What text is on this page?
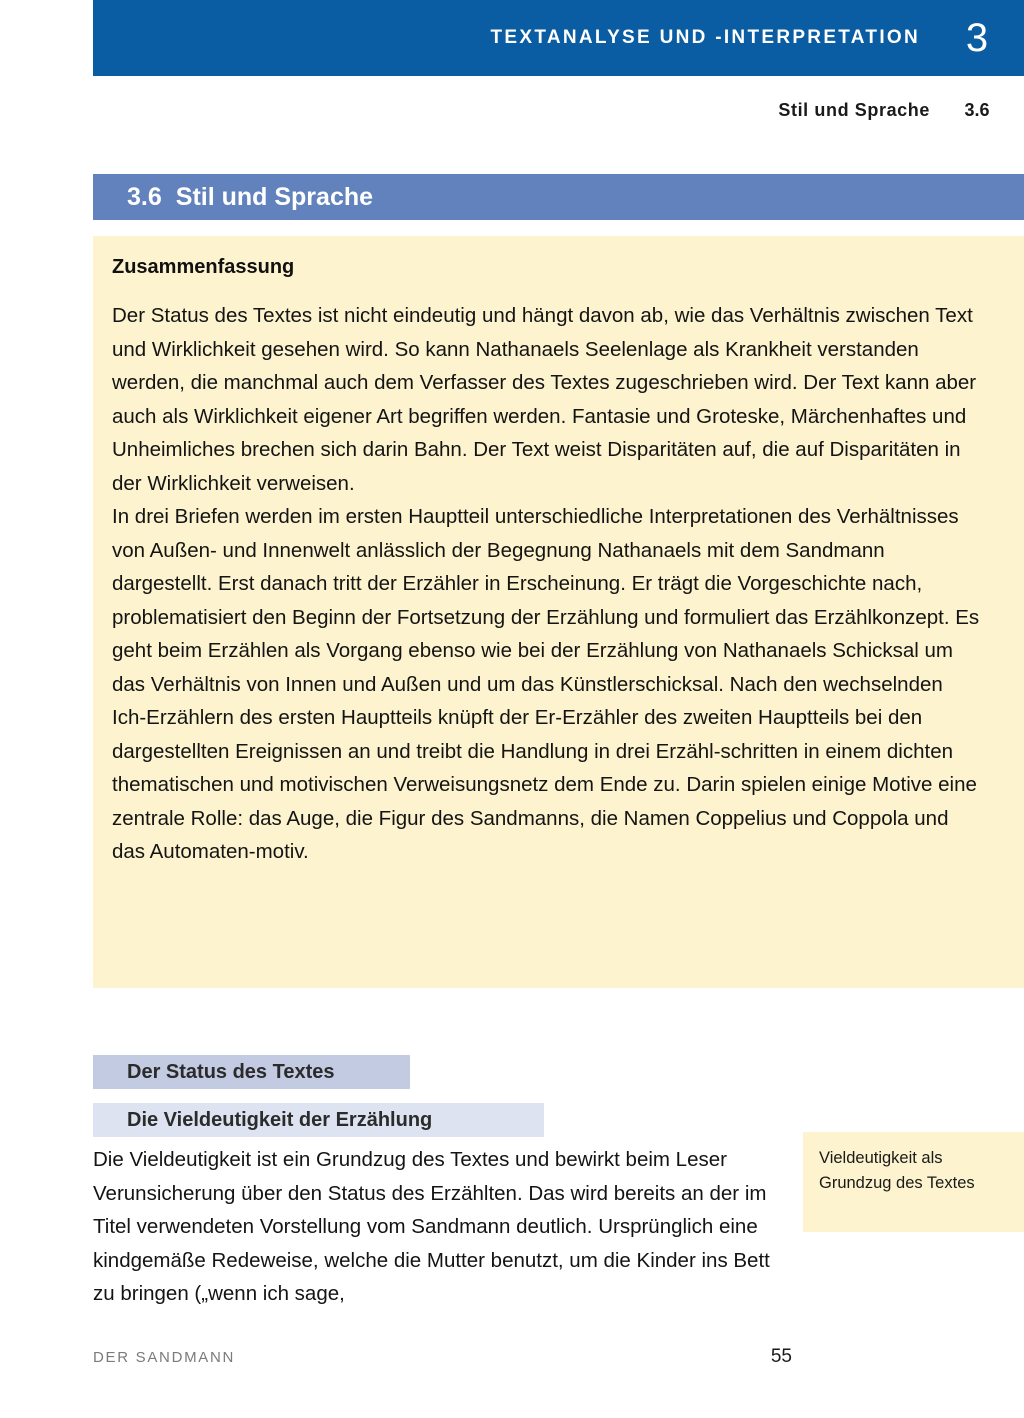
TEXTANALYSE UND -INTERPRETATION	3
Stil und Sprache	3.6
3.6 Stil und Sprache
Zusammenfassung

Der Status des Textes ist nicht eindeutig und hängt davon ab, wie das Verhältnis zwischen Text und Wirklichkeit gesehen wird. So kann Nathanaels Seelenlage als Krankheit verstanden werden, die manchmal auch dem Verfasser des Textes zugeschrieben wird. Der Text kann aber auch als Wirklichkeit eigener Art begriffen werden. Fantasie und Groteske, Märchenhaftes und Unheimliches brechen sich darin Bahn. Der Text weist Disparitäten auf, die auf Disparitäten in der Wirklichkeit verweisen.

In drei Briefen werden im ersten Hauptteil unterschiedliche Interpretationen des Verhältnisses von Außen- und Innenwelt anlässlich der Begegnung Nathanaels mit dem Sandmann dargestellt. Erst danach tritt der Erzähler in Erscheinung. Er trägt die Vorgeschichte nach, problematisiert den Beginn der Fortsetzung der Erzählung und formuliert das Erzählkonzept. Es geht beim Erzählen als Vorgang ebenso wie bei der Erzählung von Nathanaels Schicksal um das Verhältnis von Innen und Außen und um das Künstlerschicksal. Nach den wechselnden Ich-Erzählern des ersten Hauptteils knüpft der Er-Erzähler des zweiten Hauptteils bei den dargestellten Ereignissen an und treibt die Handlung in drei Erzähl-schritten in einem dichten thematischen und motivischen Verweisungsnetz dem Ende zu. Darin spielen einige Motive eine zentrale Rolle: das Auge, die Figur des Sandmanns, die Namen Coppelius und Coppola und das Automaten-motiv.

Der Status des Textes
Die Vieldeutigkeit der Erzählung

Die Vieldeutigkeit ist ein Grundzug des Textes und bewirkt beim Leser Verunsicherung über den Status des Erzählten. Das wird bereits an der im Titel verwendeten Vorstellung vom Sandmann deutlich. Ursprünglich eine kindgemäße Redeweise, welche die Mutter benutzt, um die Kinder ins Bett zu bringen („wenn ich sage,

Vieldeutigkeit als Grundzug des Textes

DER SANDMANN	55
